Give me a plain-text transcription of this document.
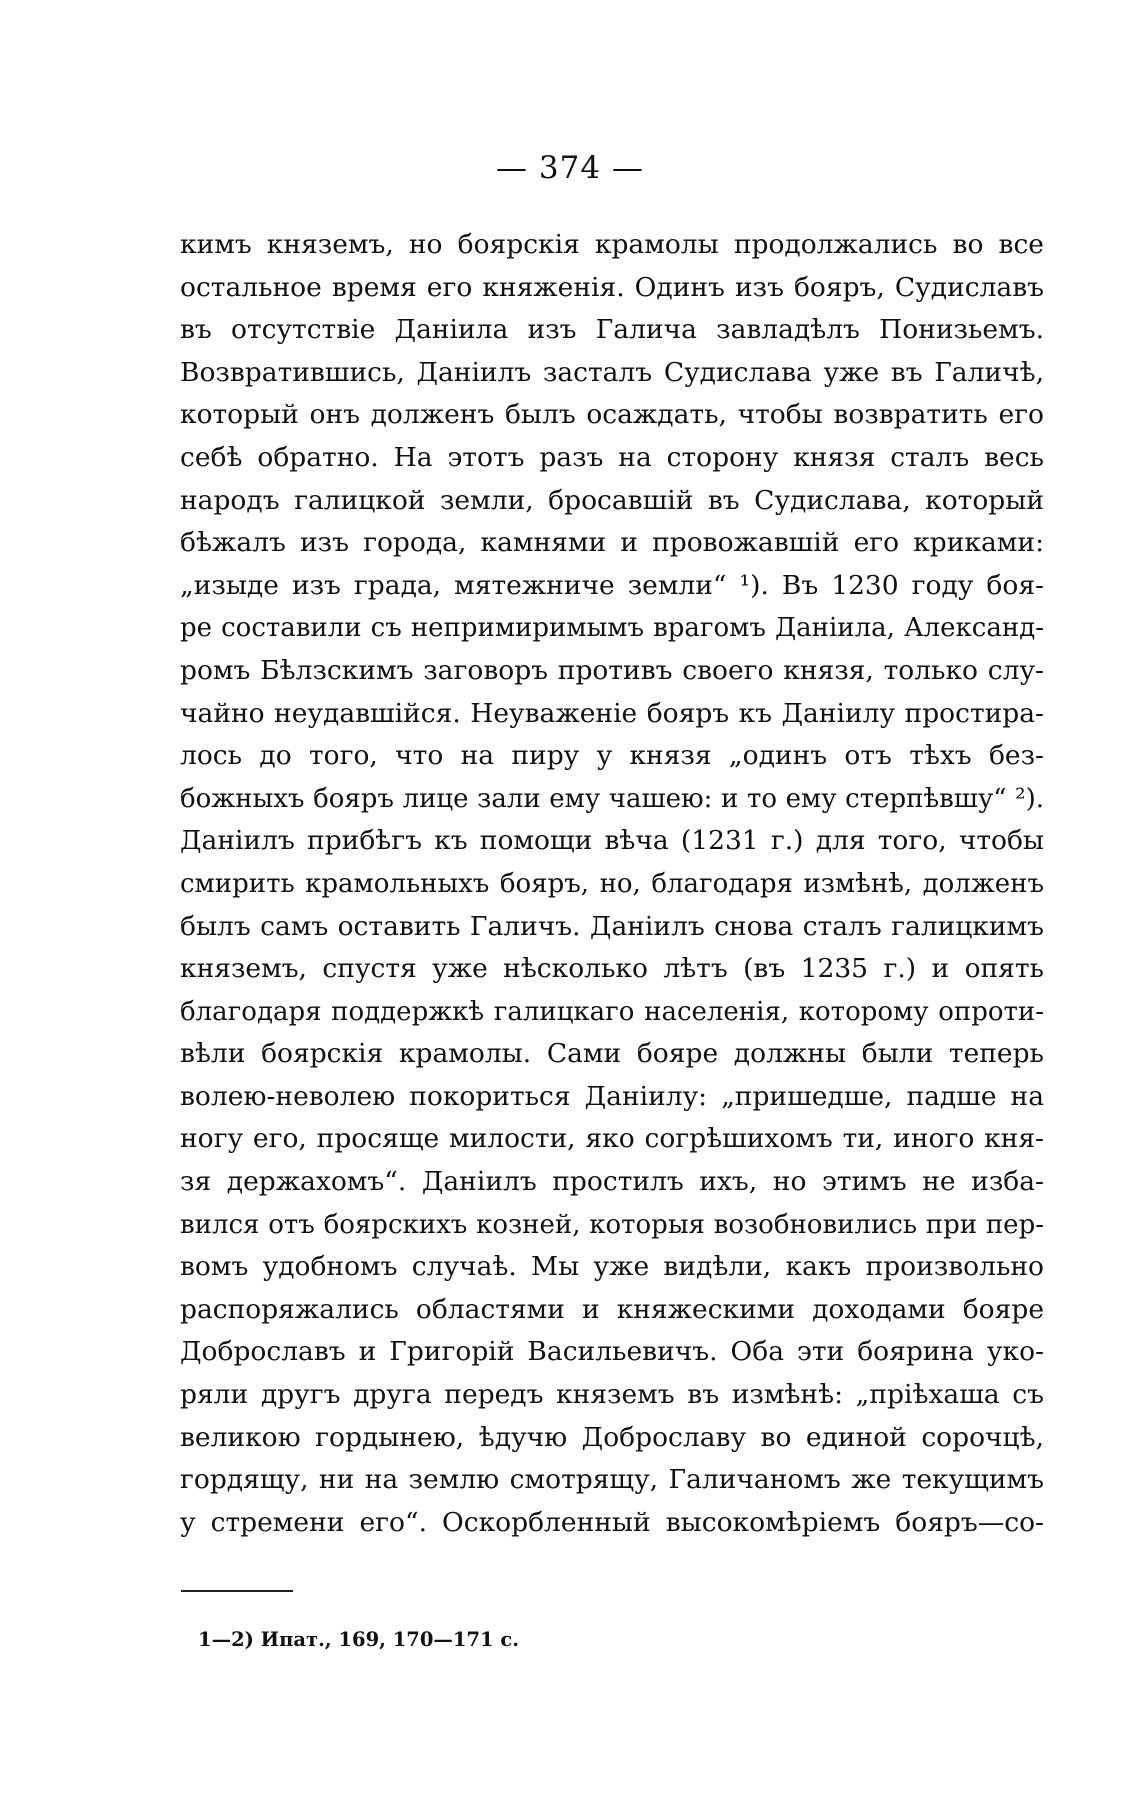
— 374 —
кимъ княземъ, но боярскія крамолы продолжались во все
остальное время его княженія. Одинъ изъ бояръ, Судиславъ
въ отсутствіе Даніила изъ Галича завладѣлъ Понизьемъ.
Возвратившись, Даніилъ засталъ Судислава уже въ Галичѣ,
который онъ долженъ былъ осаждать, чтобы возвратить его
себѣ обратно. На этотъ разъ на сторону князя сталъ весь
народъ галицкой земли, бросавшій въ Судислава, который
бѣжалъ изъ города, камнями и провожавшій его криками:
„изыде изъ града, мятежниче земли“ ¹). Въ 1230 году боя-
ре составили съ непримиримымъ врагомъ Даніила, Александ-
ромъ Бѣлзскимъ заговоръ противъ своего князя, только слу-
чайно неудавшійся. Неуваженіе бояръ къ Даніилу простира-
лось до того, что на пиру у князя „одинъ отъ тѣхъ без-
божныхъ бояръ лице зали ему чашею: и то ему стерпѣвшу“ ²).
Даніилъ прибѣгъ къ помощи вѣча (1231 г.) для того, чтобы
смирить крамольныхъ бояръ, но, благодаря измѣнѣ, долженъ
былъ самъ оставить Галичъ. Даніилъ снова сталъ галицкимъ
княземъ, спустя уже нѣсколько лѣтъ (въ 1235 г.) и опять
благодаря поддержкѣ галицкаго населенія, которому опроти-
вѣли боярскія крамолы. Сами бояре должны были теперь
волею-неволею покориться Даніилу: „пришедше, падше на
ногу его, просяще милости, яко согрѣшихомъ ти, иного кня-
зя держахомъ“. Даніилъ простилъ ихъ, но этимъ не изба-
вился отъ боярскихъ козней, которыя возобновились при пер-
вомъ удобномъ случаѣ. Мы уже видѣли, какъ произвольно
распоряжались областями и княжескими доходами бояре
Доброславъ и Григорій Васильевичъ. Оба эти боярина уко-
ряли другъ друга передъ княземъ въ измѣнѣ: „пріѣхаша съ
великою гордынею, ѣдучю Доброславу во единой сорочцѣ,
гордящу, ни на землю смотрящу, Галичаномъ же текущимъ
у стремени его“. Оскорбленный высокомѣріемъ бояръ—со-
1—2) Ипат., 169, 170—171 с.
